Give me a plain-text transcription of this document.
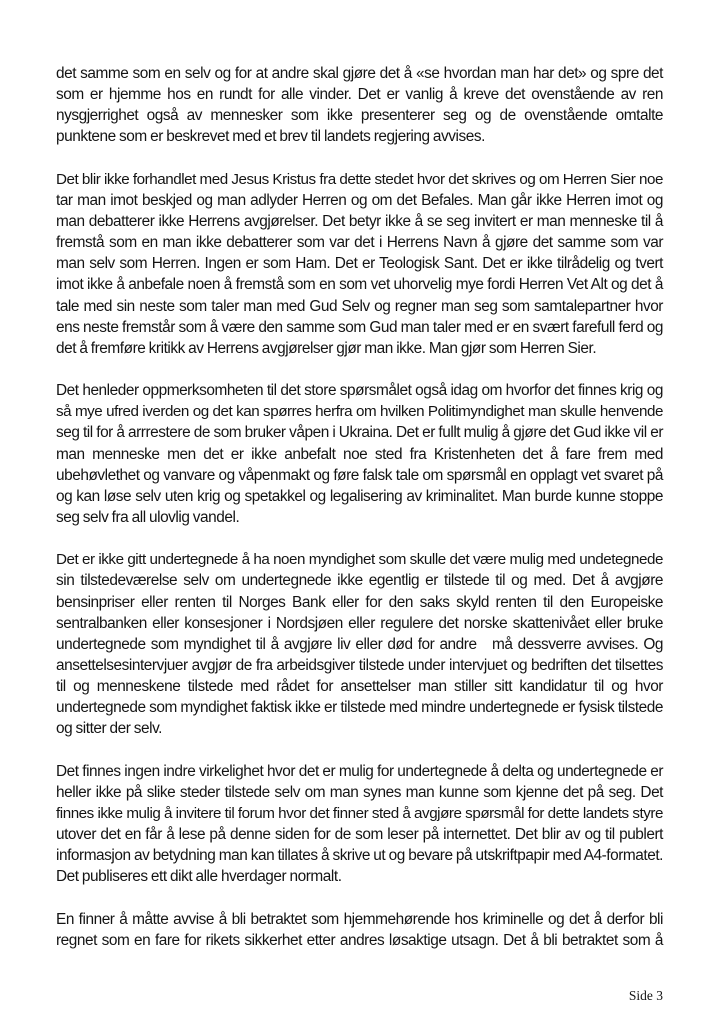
det samme som en selv og for at andre skal gjøre det å «se hvordan man har det» og spre det
som er hjemme hos en rundt for alle vinder. Det er vanlig å kreve det ovenstående av ren
nysgjerrighet også av mennesker som ikke presenterer seg og de ovenstående omtalte
punktene som er beskrevet med et brev til landets regjering avvises.
Det blir ikke forhandlet med Jesus Kristus fra dette stedet hvor det skrives og om Herren Sier noe
tar man imot beskjed og man adlyder Herren og om det Befales. Man går ikke Herren imot og
man debatterer ikke Herrens avgjørelser. Det betyr ikke å se seg invitert er man menneske til å
fremstå som en man ikke debatterer som var det i Herrens Navn å gjøre det samme som var
man selv som Herren. Ingen er som Ham. Det er Teologisk Sant. Det er ikke tilrådelig og tvert
imot ikke å anbefale noen å fremstå som en som vet uhorvelig mye fordi Herren Vet Alt og det å
tale med sin neste som taler man med Gud Selv og regner man seg som samtalepartner hvor
ens neste fremstår som å være den samme som Gud man taler med er en svært farefull ferd og
det å fremføre kritikk av Herrens avgjørelser gjør man ikke. Man gjør som Herren Sier.
Det henleder oppmerksomheten til det store spørsmålet også idag om hvorfor det finnes krig og
så mye ufred iverden og det kan spørres herfra om hvilken Politimyndighet man skulle henvende
seg til for å arrrestere de som bruker våpen i Ukraina. Det er fullt mulig å gjøre det Gud ikke vil er
man menneske men det er ikke anbefalt noe sted fra Kristenheten det å fare frem med
ubehøvlethet og vanvare og våpenmakt og føre falsk tale om spørsmål en opplagt vet svaret på
og kan løse selv uten krig og spetakkel og legalisering av kriminalitet. Man burde kunne stoppe
seg selv fra all ulovlig vandel.
Det er ikke gitt undertegnede å ha noen myndighet som skulle det være mulig med undetegnede
sin tilstedeværelse selv om undertegnede ikke egentlig er tilstede til og med. Det å avgjøre
bensinpriser eller renten til Norges Bank eller for den saks skyld renten til den Europeiske
sentralbanken eller konsesjoner i Nordsjøen eller regulere det norske skattenivået eller bruke
undertegnede som myndighet til å avgjøre liv eller død for andre   må dessverre avvises. Og
ansettelsesintervjuer avgjør de fra arbeidsgiver tilstede under intervjuet og bedriften det tilsettes
til og menneskene tilstede med rådet for ansettelser man stiller sitt kandidatur til og hvor
undertegnede som myndighet faktisk ikke er tilstede med mindre undertegnede er fysisk tilstede
og sitter der selv.
Det finnes ingen indre virkelighet hvor det er mulig for undertegnede å delta og undertegnede er
heller ikke på slike steder tilstede selv om man synes man kunne som kjenne det på seg. Det
finnes ikke mulig å invitere til forum hvor det finner sted å avgjøre spørsmål for dette landets styre
utover det en får å lese på denne siden for de som leser på internettet. Det blir av og til publert
informasjon av betydning man kan tillates å skrive ut og bevare på utskriftpapir med A4-formatet.
Det publiseres ett dikt alle hverdager normalt.
En finner å måtte avvise å bli betraktet som hjemmehørende hos kriminelle og det å derfor bli
regnet som en fare for rikets sikkerhet etter andres løsaktige utsagn. Det å bli betraktet som å
Side 3
